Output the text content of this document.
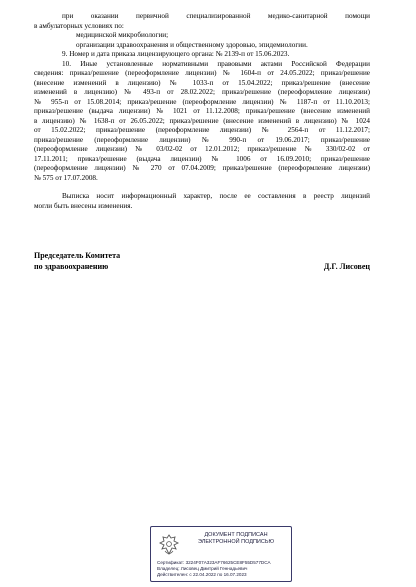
при оказании первичной специализированной медико-санитарной помощи
в амбулаторных условиях по:
медицинской микробиологии;
организации здравоохранения и общественному здоровью, эпидемиологии.
9. Номер и дата приказа лицензирующего органа: № 2139-п от 15.06.2023.
10. Иные установленные нормативными правовыми актами Российской Федерации
сведения: приказ/решение (переоформление лицензии) № 1604-п от 24.05.2022; приказ/решение
(внесение изменений в лицензию) № 1033-п от 15.04.2022; приказ/решение (внесение
изменений в лицензию) № 493-п от 28.02.2022; приказ/решение (переоформление лицензии)
№ 955-п от 15.08.2014; приказ/решение (переоформление лицензии) № 1187-п от 11.10.2013;
приказ/решение (выдача лицензии) № 1021 от 11.12.2008; приказ/решение (внесение изменений
в лицензию) № 1638-п от 26.05.2022; приказ/решение (внесение изменений в лицензию) № 1024
от 15.02.2022; приказ/решение (переоформление лицензии) № 2564-п от 11.12.2017;
приказ/решение (переоформление лицензии) № 990-п от 19.06.2017; приказ/решение
(переоформление лицензии) № 03/02-02 от 12.01.2012; приказ/решение № 330/02-02 от
17.11.2011; приказ/решение (выдача лицензии) № 1006 от 16.09.2010; приказ/решение
(переоформление лицензии) № 270 от 07.04.2009; приказ/решение (переоформление лицензии)
№ 575 от 17.07.2008.
Выписка носит информационный характер, после ее составления в реестр лицензий
могли быть внесены изменения.
Председатель Комитета
по здравоохранению	Д.Г. Лисовец
ДОКУМЕНТ ПОДПИСАН
ЭЛЕКТРОННОЙ ПОДПИСЬЮ
Сертификат: 3224F07A323AF76625CE8F55D577DCA
Владелец: Лисовец Дмитрий Геннадьевич
Действителен: с 22.04.2022 по 16.07.2023
